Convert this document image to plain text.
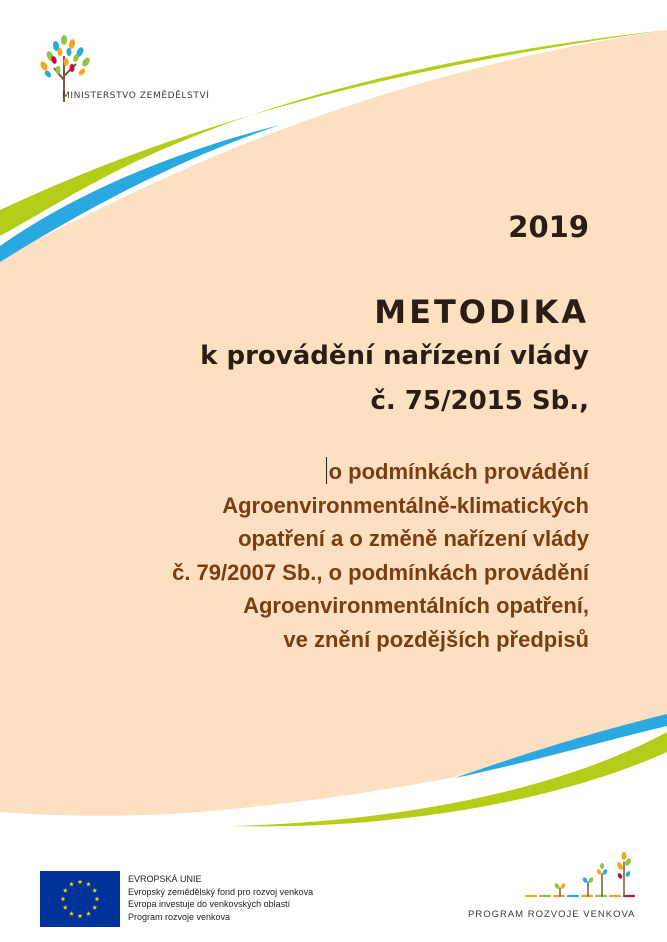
MINISTERSTVO ZEMĚDĚLSTVÍ
2019
METODIKA
k provádění nařízení vlády
č. 75/2015 Sb.,
o podmínkách provádění
Agroenvironmentálně-klimatických
opatření a o změně nařízení vlády
č. 79/2007 Sb., o podmínkách provádění
Agroenvironmentálních opatření,
ve znění pozdějších předpisů
EVROPSKÁ UNIE
Evropský zemědělský fond pro rozvoj venkova
Evropa investuje do venkovských oblastí
Program rozvoje venkova	PROGRAM ROZVOJE VENKOVA
